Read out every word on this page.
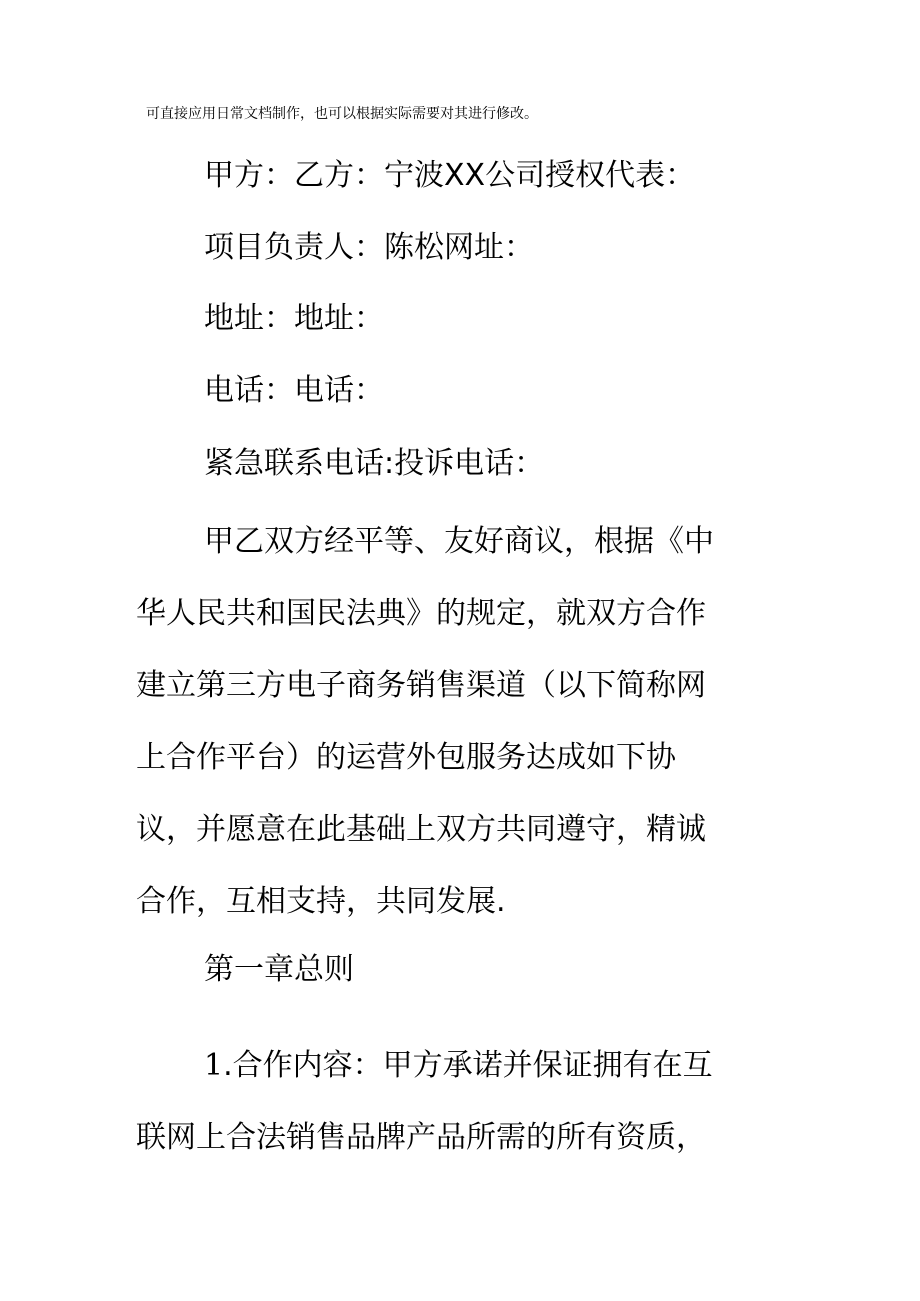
可直接应用日常文档制作，也可以根据实际需要对其进行修改。
甲方：乙方：宁波XX公司授权代表：
项目负责人：陈松网址：
地址：地址：
电话：电话：
紧急联系电话:投诉电话：
甲乙双方经平等、友好商议，根据《中
华人民共和国民法典》的规定，就双方合作
建立第三方电子商务销售渠道（以下简称网
上合作平台）的运营外包服务达成如下协
议，并愿意在此基础上双方共同遵守，精诚
合作，互相支持，共同发展.
第一章总则
1.合作内容：甲方承诺并保证拥有在互
联网上合法销售品牌产品所需的所有资质，
